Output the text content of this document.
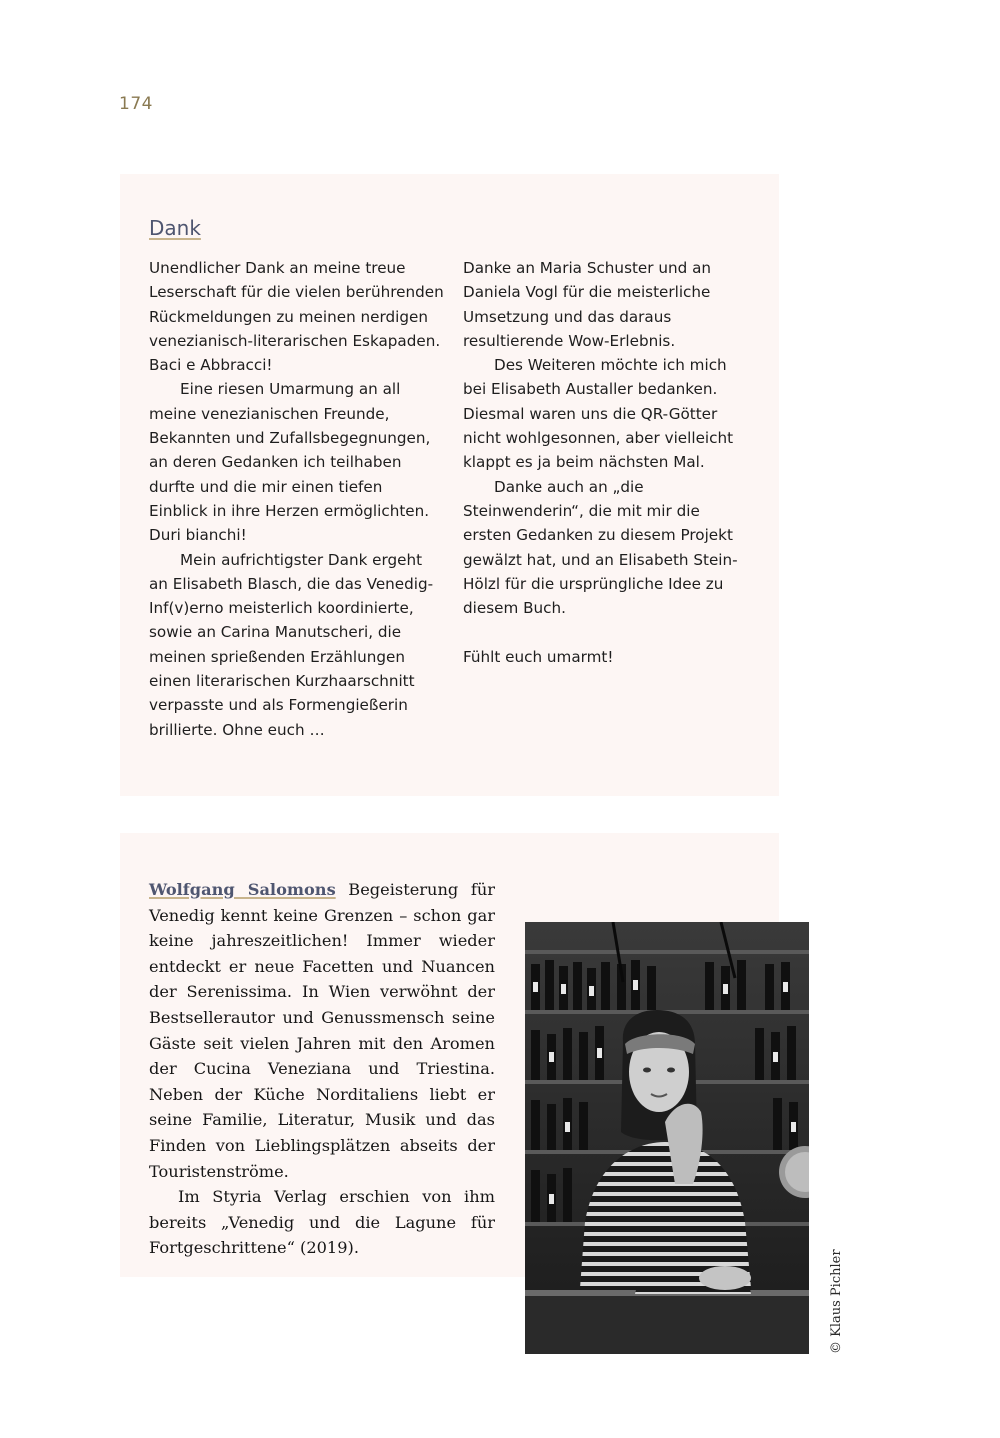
174
Dank

Unendlicher Dank an meine treue Leserschaft für die vielen berührenden Rückmeldungen zu meinen nerdigen venezianisch-literarischen Eskapaden. Baci e Abbracci!

Eine riesen Umarmung an all meine venezianischen Freunde, Bekannten und Zufallsbegegnungen, an deren Gedanken ich teilhaben durfte und die mir einen tiefen Einblick in ihre Herzen ermöglichten. Duri bianchi!

Mein aufrichtigster Dank ergeht an Elisabeth Blasch, die das Venedig-Inf(v)erno meisterlich koordinierte, sowie an Carina Manutscheri, die meinen sprießenden Erzählungen einen literarischen Kurzhaarschnitt verpasste und als Formengießerin brillierte. Ohne euch …

Danke an Maria Schuster und an Daniela Vogl für die meisterliche Umsetzung und das daraus resultierende Wow-Erlebnis.

Des Weiteren möchte ich mich bei Elisabeth Austaller bedanken. Diesmal waren uns die QR-Götter nicht wohlgesonnen, aber vielleicht klappt es ja beim nächsten Mal.

Danke auch an „die Steinwenderin“, die mit mir die ersten Gedanken zu diesem Projekt gewälzt hat, und an Elisabeth Stein-Hölzl für die ursprüngliche Idee zu diesem Buch.

Fühlt euch umarmt!

Wolfgang Salomons Begeisterung für Venedig kennt keine Grenzen – schon gar keine jahreszeitlichen! Immer wieder entdeckt er neue Facetten und Nuancen der Serenissima. In Wien verwöhnt der Bestsellerautor und Genussmensch seine Gäste seit vielen Jahren mit den Aromen der Cucina Veneziana und Triestina. Neben der Küche Norditaliens liebt er seine Familie, Literatur, Musik und das Finden von Lieblingsplätzen abseits der Touristenströme.

Im Styria Verlag erschien von ihm bereits „Venedig und die Lagune für Fortgeschrittene“ (2019).

© Klaus Pichler
